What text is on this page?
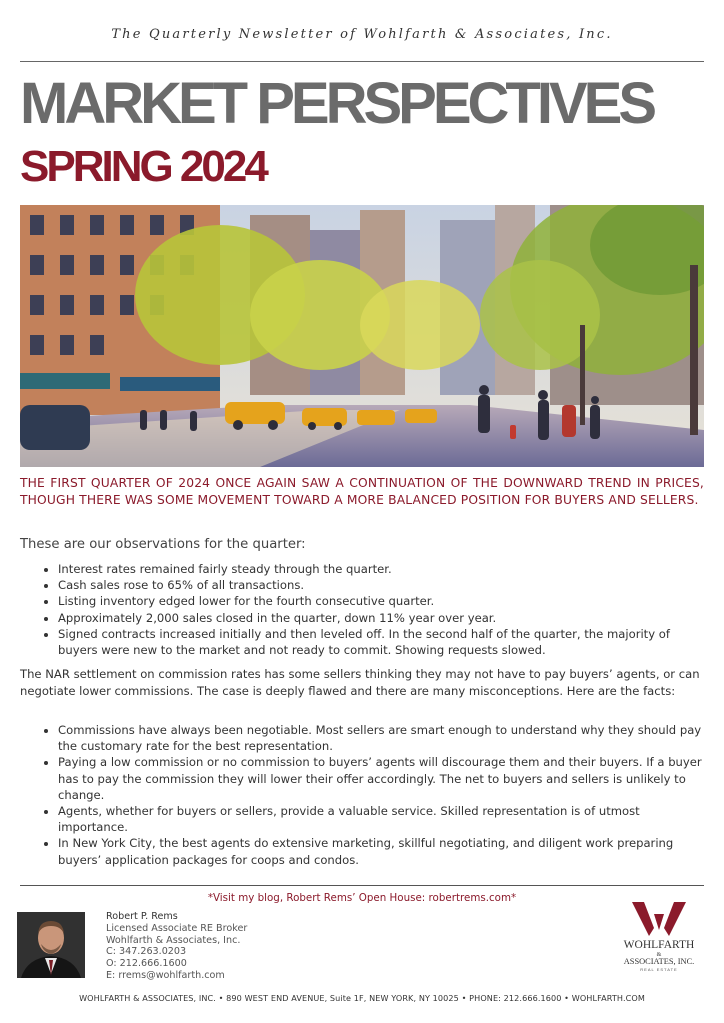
The Quarterly Newsletter of Wohlfarth & Associates, Inc.
MARKET PERSPECTIVES
SPRING 2024
THE FIRST QUARTER OF 2024 ONCE AGAIN SAW A CONTINUATION OF THE DOWNWARD TREND IN PRICES, THOUGH THERE WAS SOME MOVEMENT TOWARD A MORE BALANCED POSITION FOR BUYERS AND SELLERS.
These are our observations for the quarter:
• Interest rates remained fairly steady through the quarter.
• Cash sales rose to 65% of all transactions.
• Listing inventory edged lower for the fourth consecutive quarter.
• Approximately 2,000 sales closed in the quarter, down 11% year over year.
• Signed contracts increased initially and then leveled off. In the second half of the quarter, the majority of buyers were new to the market and not ready to commit. Showing requests slowed.
The NAR settlement on commission rates has some sellers thinking they may not have to pay buyers’ agents, or can negotiate lower commissions. The case is deeply flawed and there are many misconceptions. Here are the facts:
• Commissions have always been negotiable. Most sellers are smart enough to understand why they should pay the customary rate for the best representation.
• Paying a low commission or no commission to buyers’ agents will discourage them and their buyers. If a buyer has to pay the commission they will lower their offer accordingly. The net to buyers and sellers is unlikely to change.
• Agents, whether for buyers or sellers, provide a valuable service. Skilled representation is of utmost importance.
• In New York City, the best agents do extensive marketing, skillful negotiating, and diligent work preparing buyers’ application packages for coops and condos.
*Visit my blog, Robert Rems’ Open House: robertrems.com*
Robert P. Rems
Licensed Associate RE Broker
Wohlfarth & Associates, Inc.
C: 347.263.0203
O: 212.666.1600
E: rrems@wohlfarth.com
WOHLFARTH
&
ASSOCIATES, INC.
REAL ESTATE
WOHLFARTH & ASSOCIATES, INC. • 890 WEST END AVENUE, Suite 1F, NEW YORK, NY 10025 • PHONE: 212.666.1600 • WOHLFARTH.COM
